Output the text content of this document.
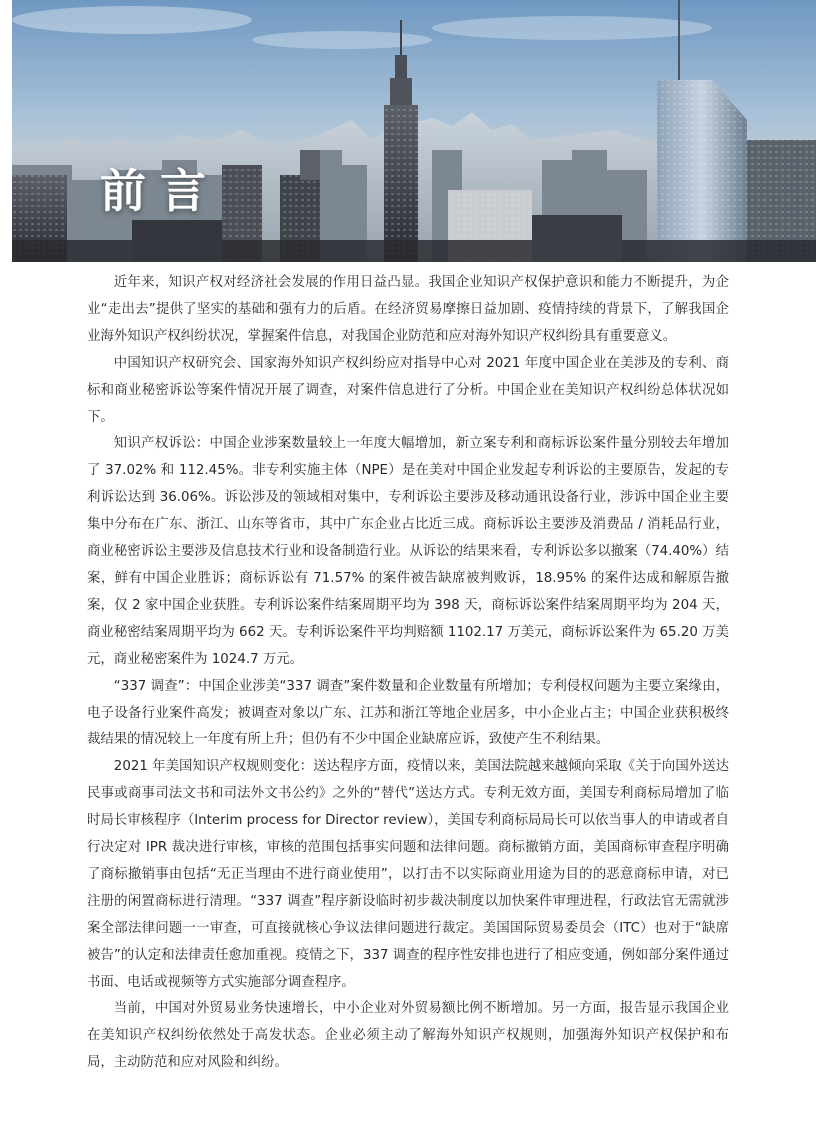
前言

近年来，知识产权对经济社会发展的作用日益凸显。我国企业知识产权保护意识和能力不断提升，为企业“走出去”提供了坚实的基础和强有力的后盾。在经济贸易摩擦日益加剧、疫情持续的背景下，了解我国企业海外知识产权纠纷状况，掌握案件信息，对我国企业防范和应对海外知识产权纠纷具有重要意义。

中国知识产权研究会、国家海外知识产权纠纷应对指导中心对 2021 年度中国企业在美涉及的专利、商标和商业秘密诉讼等案件情况开展了调查，对案件信息进行了分析。中国企业在美知识产权纠纷总体状况如下。

知识产权诉讼：中国企业涉案数量较上一年度大幅增加，新立案专利和商标诉讼案件量分别较去年增加了 37.02% 和 112.45%。非专利实施主体（NPE）是在美对中国企业发起专利诉讼的主要原告，发起的专利诉讼达到 36.06%。诉讼涉及的领域相对集中，专利诉讼主要涉及移动通讯设备行业，涉诉中国企业主要集中分布在广东、浙江、山东等省市，其中广东企业占比近三成。商标诉讼主要涉及消费品 / 消耗品行业，商业秘密诉讼主要涉及信息技术行业和设备制造行业。从诉讼的结果来看，专利诉讼多以撤案（74.40%）结案，鲜有中国企业胜诉；商标诉讼有 71.57% 的案件被告缺席被判败诉，18.95% 的案件达成和解原告撤案，仅 2 家中国企业获胜。专利诉讼案件结案周期平均为 398 天，商标诉讼案件结案周期平均为 204 天，商业秘密结案周期平均为 662 天。专利诉讼案件平均判赔额 1102.17 万美元，商标诉讼案件为 65.20 万美元，商业秘密案件为 1024.7 万元。

“337 调查”：中国企业涉美“337 调查”案件数量和企业数量有所增加；专利侵权问题为主要立案缘由，电子设备行业案件高发；被调查对象以广东、江苏和浙江等地企业居多，中小企业占主；中国企业获积极终裁结果的情况较上一年度有所上升；但仍有不少中国企业缺席应诉，致使产生不利结果。

2021 年美国知识产权规则变化：送达程序方面，疫情以来，美国法院越来越倾向采取《关于向国外送达民事或商事司法文书和司法外文书公约》之外的“替代”送达方式。专利无效方面，美国专利商标局增加了临时局长审核程序（Interim process for Director review），美国专利商标局局长可以依当事人的申请或者自行决定对 IPR 裁决进行审核，审核的范围包括事实问题和法律问题。商标撤销方面，美国商标审查程序明确了商标撤销事由包括“无正当理由不进行商业使用”，以打击不以实际商业用途为目的的恶意商标申请，对已注册的闲置商标进行清理。“337 调查”程序新设临时初步裁决制度以加快案件审理进程，行政法官无需就涉案全部法律问题一一审查，可直接就核心争议法律问题进行裁定。美国国际贸易委员会（ITC）也对于“缺席被告”的认定和法律责任愈加重视。疫情之下，337 调查的程序性安排也进行了相应变通，例如部分案件通过书面、电话或视频等方式实施部分调查程序。

当前，中国对外贸易业务快速增长，中小企业对外贸易额比例不断增加。另一方面，报告显示我国企业在美知识产权纠纷依然处于高发状态。企业必须主动了解海外知识产权规则，加强海外知识产权保护和布局，主动防范和应对风险和纠纷。
